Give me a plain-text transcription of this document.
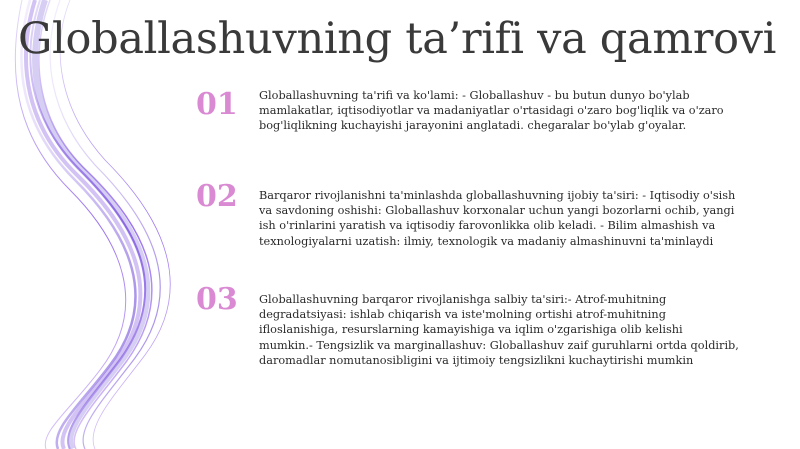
Globallashuvning ta’rifi va qamrovi
01	Globallashuvning ta'rifi va ko'lami: - Globallashuv - bu butun dunyo bo'ylab mamlakatlar, iqtisodiyotlar va madaniyatlar o'rtasidagi o'zaro bog'liqlik va o'zaro bog'liqlikning kuchayishi jarayonini anglatadi. chegaralar bo'ylab g'oyalar.
02	Barqaror rivojlanishni ta'minlashda globallashuvning ijobiy ta'siri: - Iqtisodiy o'sish va savdoning oshishi: Globallashuv korxonalar uchun yangi bozorlarni ochib, yangi ish o'rinlarini yaratish va iqtisodiy farovonlikka olib keladi. - Bilim almashish va texnologiyalarni uzatish: ilmiy, texnologik va madaniy almashinuvni ta'minlaydi
03	Globallashuvning barqaror rivojlanishga salbiy ta'siri:- Atrof-muhitning degradatsiyasi: ishlab chiqarish va iste'molning ortishi atrof-muhitning ifloslanishiga, resurslarning kamayishiga va iqlim o'zgarishiga olib kelishi mumkin.- Tengsizlik va marginallashuv: Globallashuv zaif guruhlarni ortda qoldirib, daromadlar nomutanosibligini va ijtimoiy tengsizlikni kuchaytirishi mumkin
